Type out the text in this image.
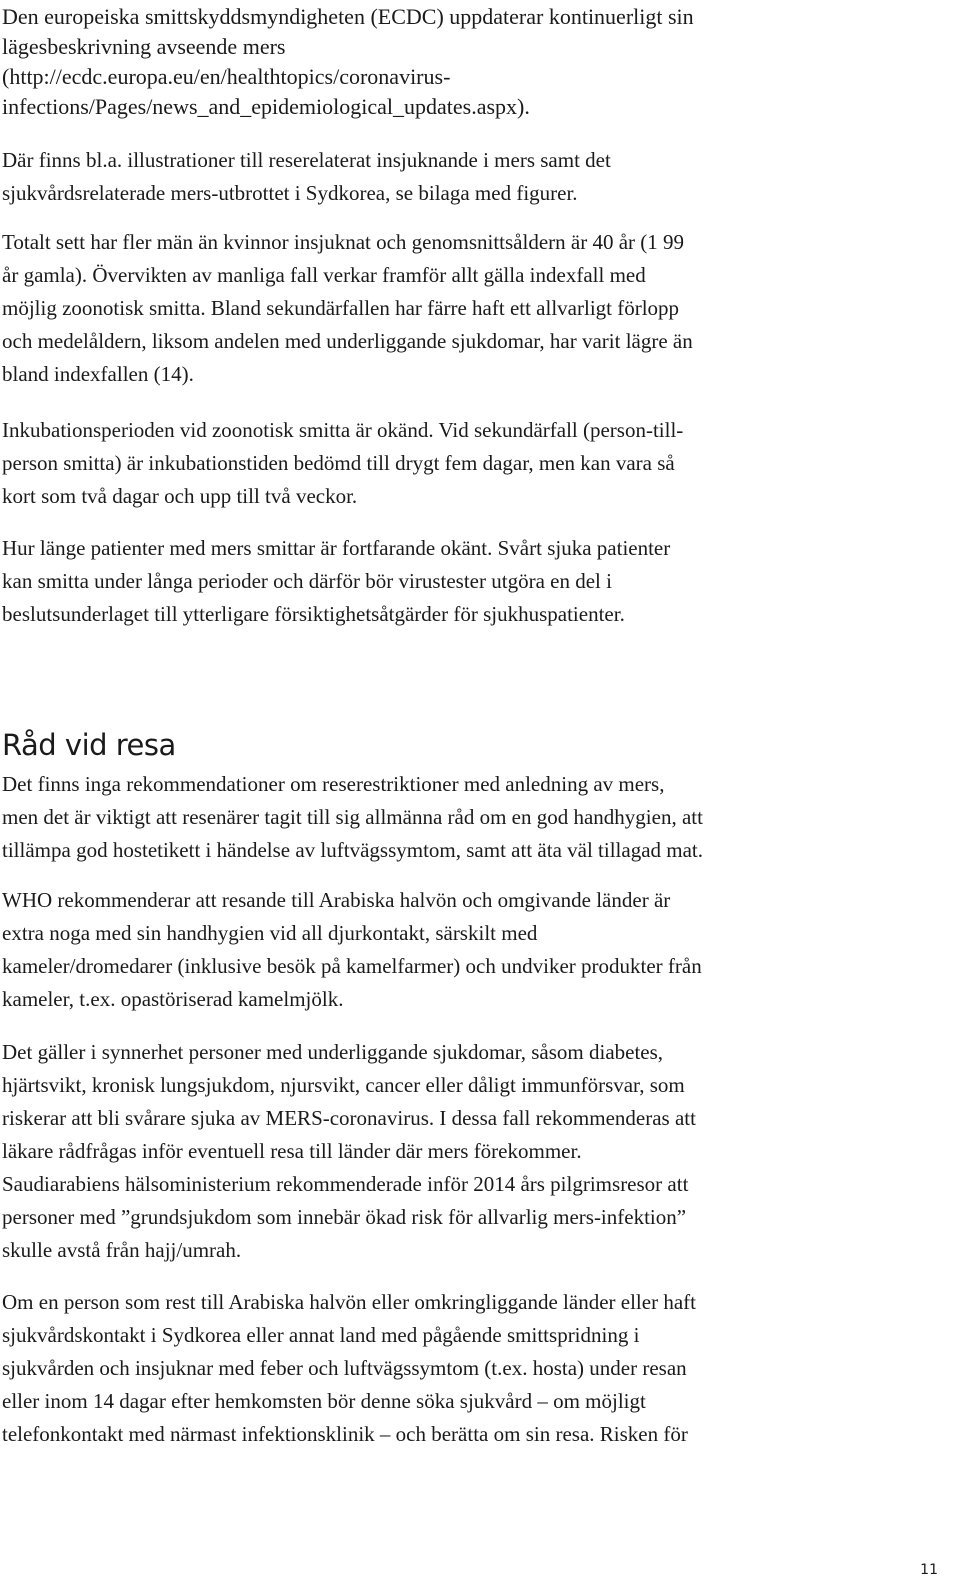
Den europeiska smittskyddsmyndigheten (ECDC) uppdaterar kontinuerligt sin
lägesbeskrivning avseende mers
(http://ecdc.europa.eu/en/healthtopics/coronavirus-
infections/Pages/news_and_epidemiological_updates.aspx).

Där finns bl.a. illustrationer till reserelaterat insjuknande i mers samt det
sjukvårdsrelaterade mers-utbrottet i Sydkorea, se bilaga med figurer.

Totalt sett har fler män än kvinnor insjuknat och genomsnittsåldern är 40 år (1 99
år gamla). Övervikten av manliga fall verkar framför allt gälla indexfall med
möjlig zoonotisk smitta. Bland sekundärfallen har färre haft ett allvarligt förlopp
och medelåldern, liksom andelen med underliggande sjukdomar, har varit lägre än
bland indexfallen (14).

Inkubationsperioden vid zoonotisk smitta är okänd. Vid sekundärfall (person-till-
person smitta) är inkubationstiden bedömd till drygt fem dagar, men kan vara så
kort som två dagar och upp till två veckor.

Hur länge patienter med mers smittar är fortfarande okänt. Svårt sjuka patienter
kan smitta under långa perioder och därför bör virustester utgöra en del i
beslutsunderlaget till ytterligare försiktighetsåtgärder för sjukhuspatienter.

Råd vid resa

Det finns inga rekommendationer om reserestriktioner med anledning av mers,
men det är viktigt att resenärer tagit till sig allmänna råd om en god handhygien, att
tillämpa god hostetikett i händelse av luftvägssymtom, samt att äta väl tillagad mat.

WHO rekommenderar att resande till Arabiska halvön och omgivande länder är
extra noga med sin handhygien vid all djurkontakt, särskilt med
kameler/dromedarer (inklusive besök på kamelfarmer) och undviker produkter från
kameler, t.ex. opastöriserad kamelmjölk.

Det gäller i synnerhet personer med underliggande sjukdomar, såsom diabetes,
hjärtsvikt, kronisk lungsjukdom, njursvikt, cancer eller dåligt immunförsvar, som
riskerar att bli svårare sjuka av MERS-coronavirus. I dessa fall rekommenderas att
läkare rådfrågas inför eventuell resa till länder där mers förekommer.
Saudiarabiens hälsoministerium rekommenderade inför 2014 års pilgrimsresor att
personer med ”grundsjukdom som innebär ökad risk för allvarlig mers-infektion”
skulle avstå från hajj/umrah.

Om en person som rest till Arabiska halvön eller omkringliggande länder eller haft
sjukvårdskontakt i Sydkorea eller annat land med pågående smittspridning i
sjukvården och insjuknar med feber och luftvägssymtom (t.ex. hosta) under resan
eller inom 14 dagar efter hemkomsten bör denne söka sjukvård – om möjligt
telefonkontakt med närmast infektionsklinik – och berätta om sin resa. Risken för

11
